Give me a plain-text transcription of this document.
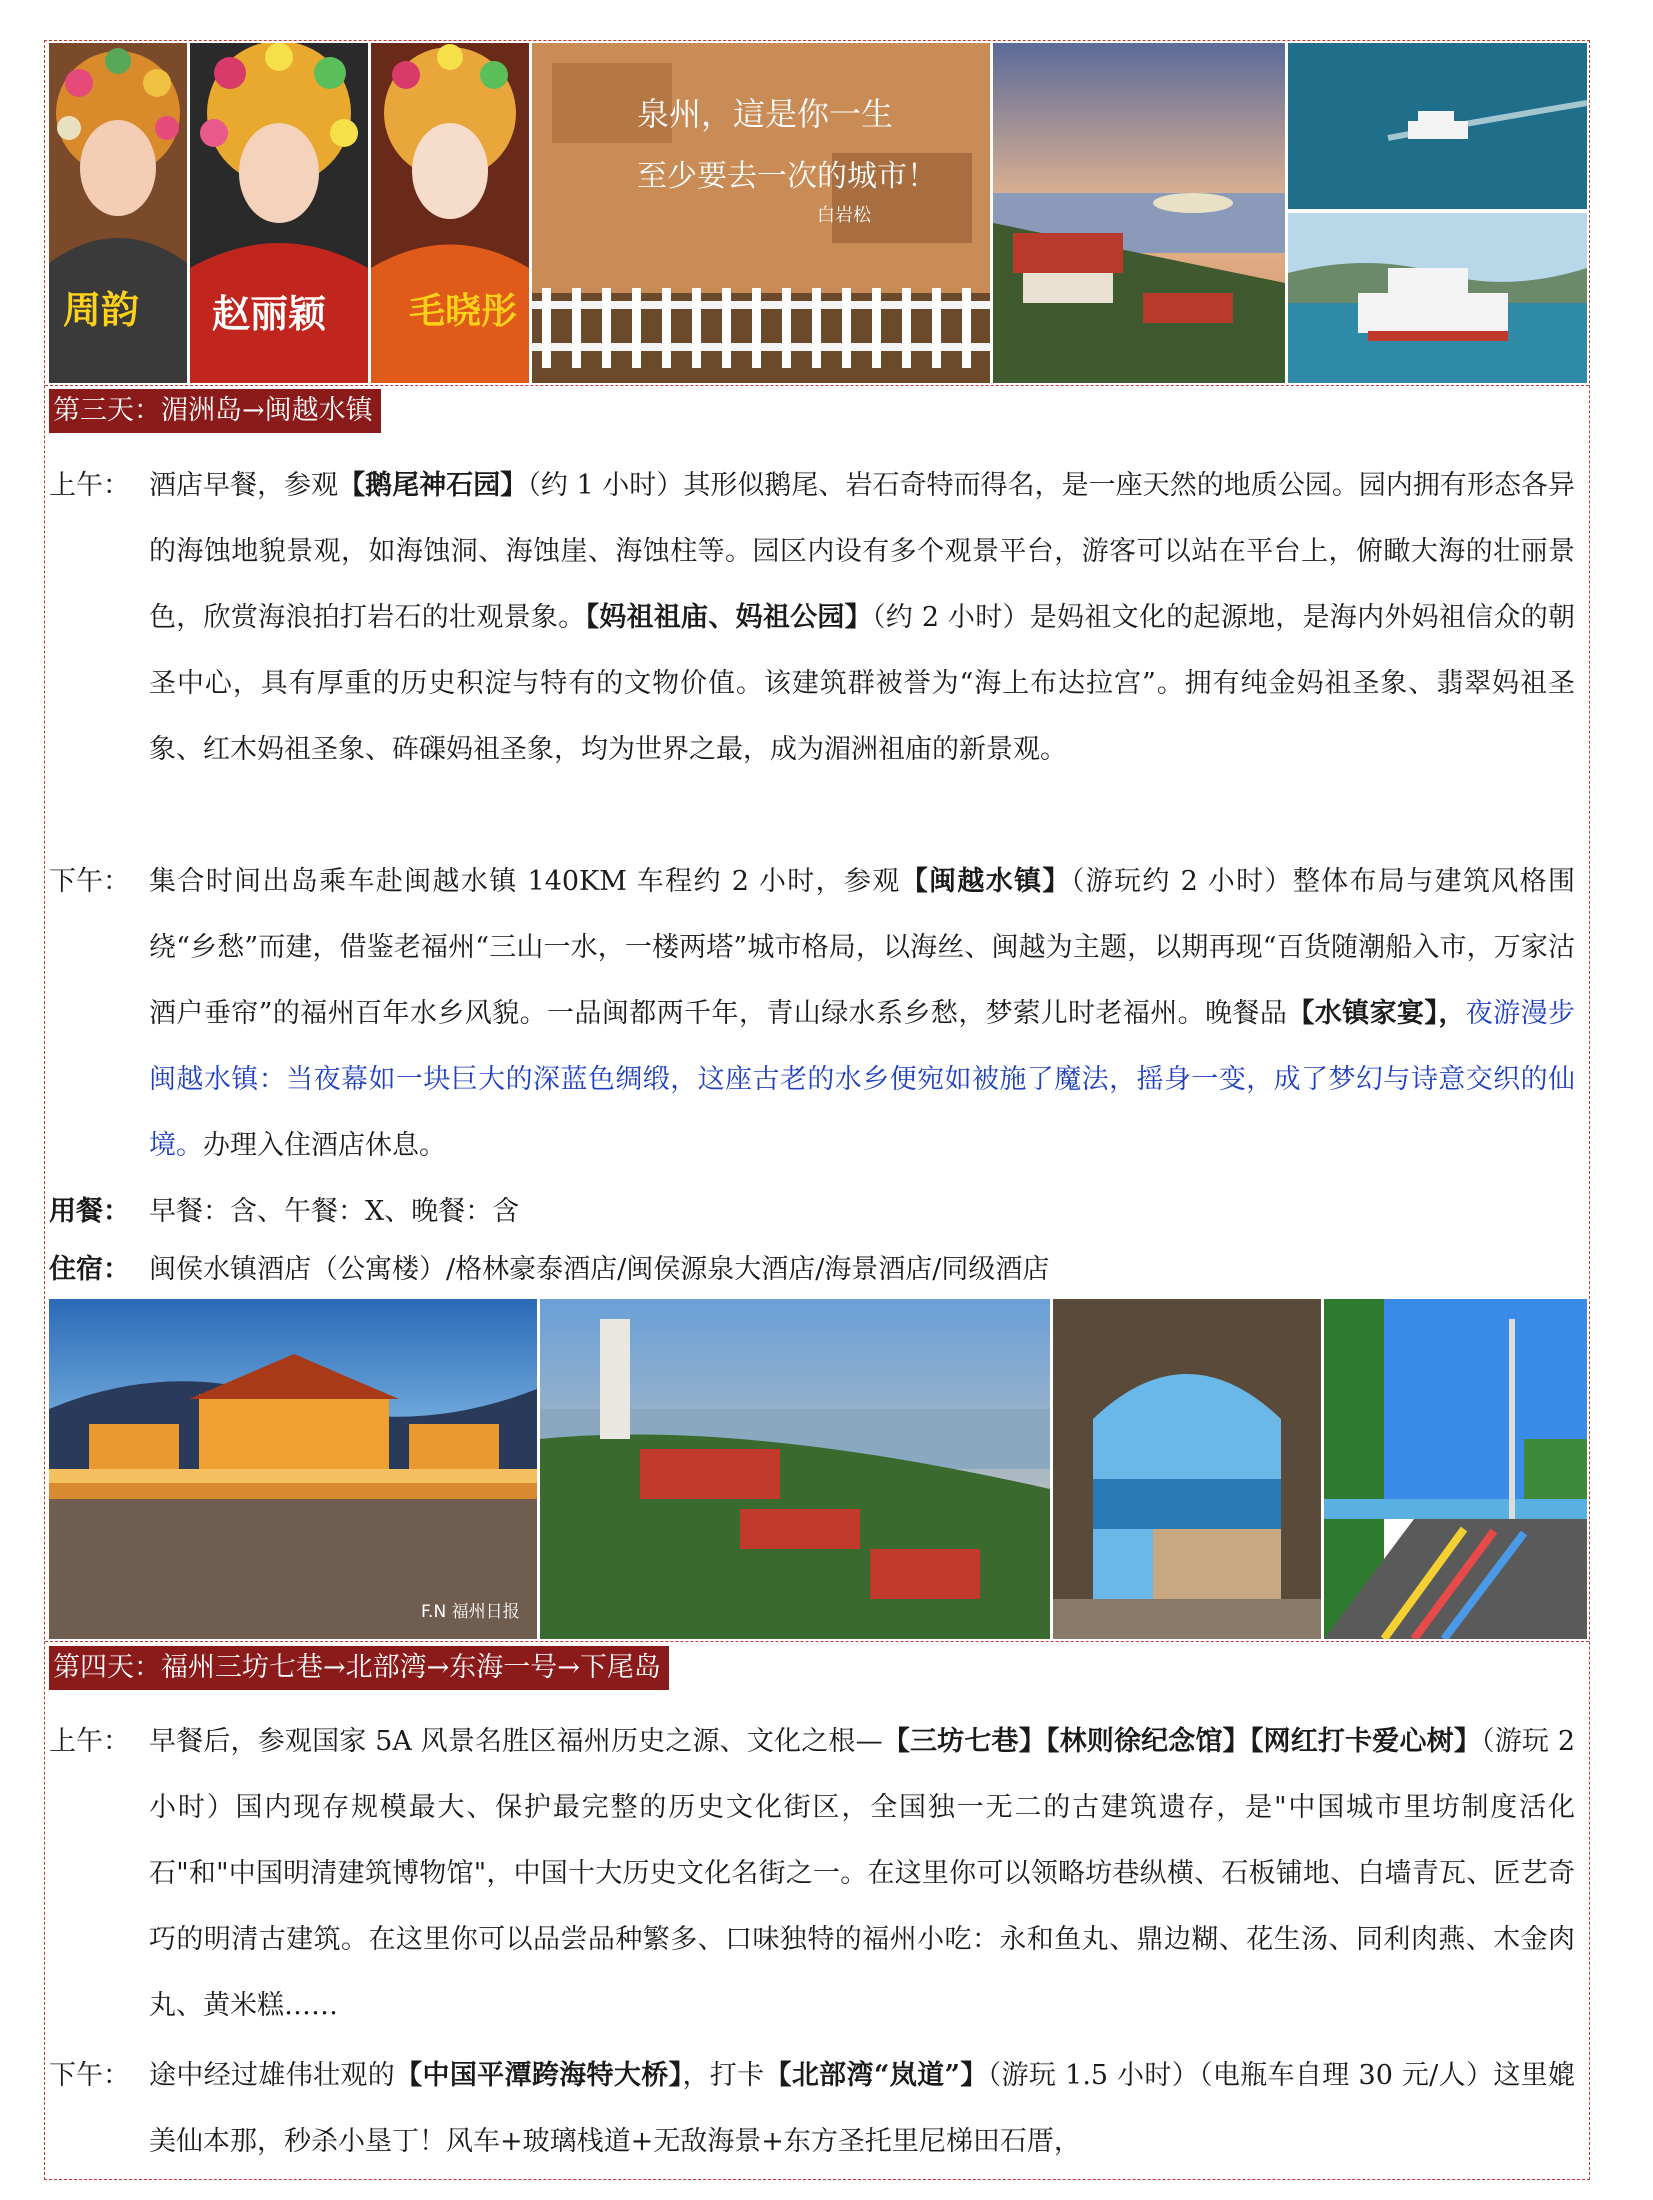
周韵 赵丽颖 毛晓彤
泉州，這是你一生
至少要去一次的城市！
白岩松
第三天：湄洲岛→闽越水镇
上午： 酒店早餐，参观【鹅尾神石园】（约 1 小时）其形似鹅尾、岩石奇特而得名，是一座天然的地质公园。园内拥有形态各异的海蚀地貌景观，如海蚀洞、海蚀崖、海蚀柱等。园区内设有多个观景平台，游客可以站在平台上，俯瞰大海的壮丽景色，欣赏海浪拍打岩石的壮观景象。【妈祖祖庙、妈祖公园】（约 2 小时）是妈祖文化的起源地，是海内外妈祖信众的朝圣中心，具有厚重的历史积淀与特有的文物价值。该建筑群被誉为“海上布达拉宫”。拥有纯金妈祖圣象、翡翠妈祖圣象、红木妈祖圣象、砗磲妈祖圣象，均为世界之最，成为湄洲祖庙的新景观。
下午： 集合时间出岛乘车赴闽越水镇 140KM 车程约 2 小时，参观【闽越水镇】（游玩约 2 小时）整体布局与建筑风格围绕“乡愁”而建，借鉴老福州“三山一水，一楼两塔”城市格局，以海丝、闽越为主题，以期再现“百货随潮船入市，万家沽酒户垂帘”的福州百年水乡风貌。一品闽都两千年，青山绿水系乡愁，梦萦儿时老福州。晚餐品【水镇家宴】，夜游漫步闽越水镇：当夜幕如一块巨大的深蓝色绸缎，这座古老的水乡便宛如被施了魔法，摇身一变，成了梦幻与诗意交织的仙境。办理入住酒店休息。
用餐： 早餐：含、午餐：X、晚餐：含
住宿： 闽侯水镇酒店（公寓楼）/格林豪泰酒店/闽侯源泉大酒店/海景酒店/同级酒店
F.N 福州日报
第四天：福州三坊七巷→北部湾→东海一号→下尾岛
上午： 早餐后，参观国家 5A 风景名胜区福州历史之源、文化之根—【三坊七巷】【林则徐纪念馆】【网红打卡爱心树】（游玩 2 小时）国内现存规模最大、保护最完整的历史文化街区，全国独一无二的古建筑遗存，是"中国城市里坊制度活化石"和"中国明清建筑博物馆"，中国十大历史文化名街之一。在这里你可以领略坊巷纵横、石板铺地、白墙青瓦、匠艺奇巧的明清古建筑。在这里你可以品尝品种繁多、口味独特的福州小吃：永和鱼丸、鼎边糊、花生汤、同利肉燕、木金肉丸、黄米糕……
下午： 途中经过雄伟壮观的【中国平潭跨海特大桥】，打卡【北部湾“岚道”】（游玩 1.5 小时）（电瓶车自理 30 元/人）这里媲美仙本那，秒杀小垦丁！风车+玻璃栈道+无敌海景+东方圣托里尼梯田石厝，
